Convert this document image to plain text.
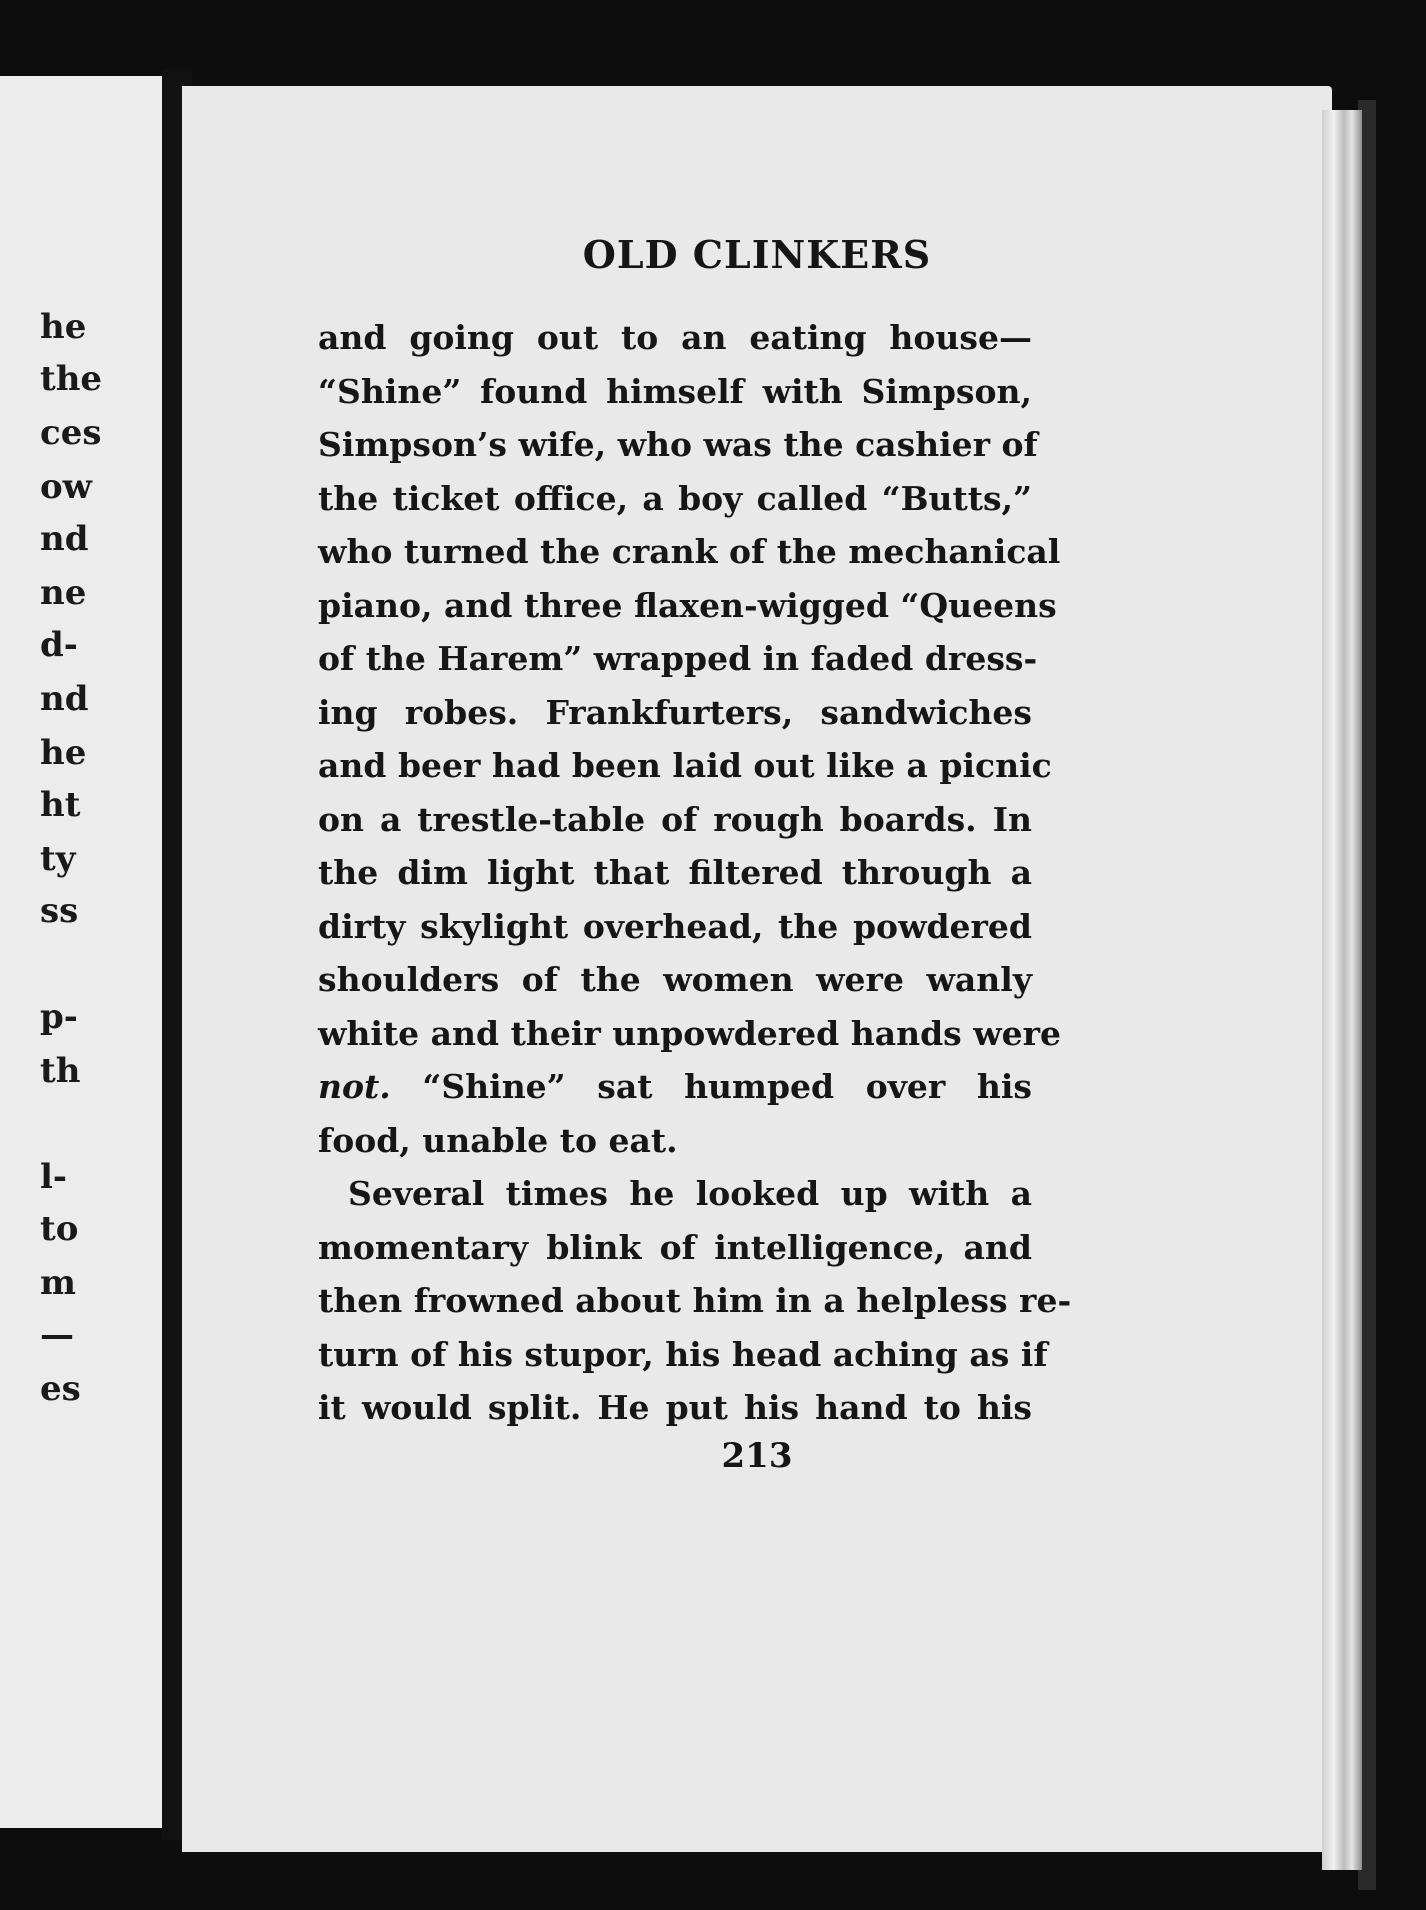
he
the
ces
ow
nd
ne
d-
nd
he
ht
ty
ss
p-
th
l-
to
m
—
es
OLD CLINKERS
and going out to an eating house—
“Shine” found himself with Simpson,
Simpson’s wife, who was the cashier of
the ticket office, a boy called “Butts,”
who turned the crank of the mechanical
piano, and three flaxen-wigged “Queens
of the Harem” wrapped in faded dress-
ing robes. Frankfurters, sandwiches
and beer had been laid out like a picnic
on a trestle-table of rough boards. In
the dim light that filtered through a
dirty skylight overhead, the powdered
shoulders of the women were wanly
white and their unpowdered hands were
not. “Shine” sat humped over his
food, unable to eat.
Several times he looked up with a
momentary blink of intelligence, and
then frowned about him in a helpless re-
turn of his stupor, his head aching as if
it would split. He put his hand to his
213
